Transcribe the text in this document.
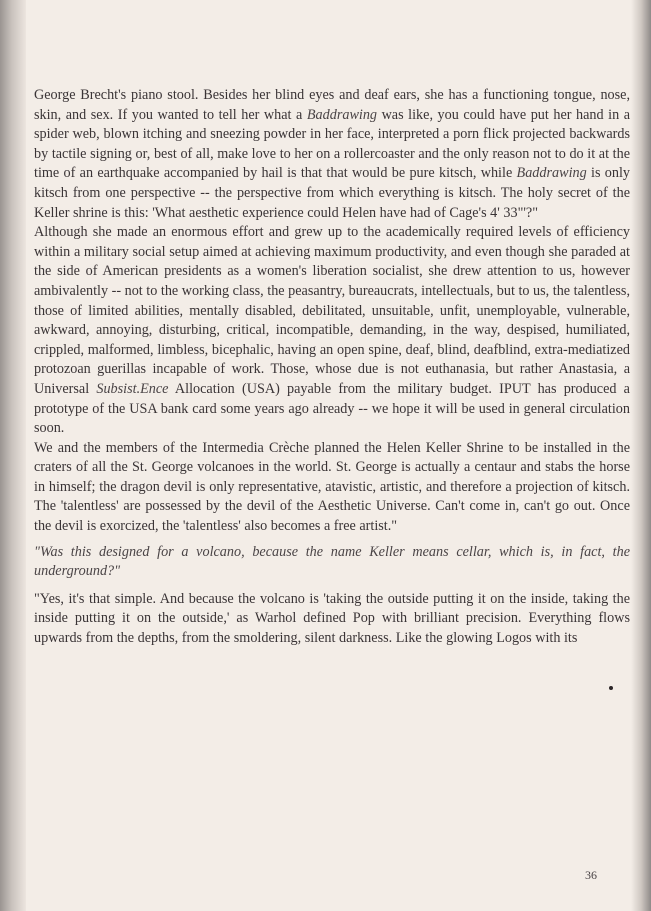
George Brecht's piano stool. Besides her blind eyes and deaf ears, she has a functioning tongue, nose, skin, and sex. If you wanted to tell her what a Baddrawing was like, you could have put her hand in a spider web, blown itching and sneezing powder in her face, interpreted a porn flick projected backwards by tactile signing or, best of all, make love to her on a rollercoaster and the only reason not to do it at the time of an earthquake accompanied by hail is that that would be pure kitsch, while Baddrawing is only kitsch from one perspective -- the perspective from which everything is kitsch. The holy secret of the Keller shrine is this: 'What aesthetic experience could Helen have had of Cage's 4' 33"'?"

Although she made an enormous effort and grew up to the academically required levels of efficiency within a military social setup aimed at achieving maximum productivity, and even though she paraded at the side of American presidents as a women's liberation socialist, she drew attention to us, however ambivalently -- not to the working class, the peasantry, bureaucrats, intellectuals, but to us, the talentless, those of limited abilities, mentally disabled, debilitated, unsuitable, unfit, unemployable, vulnerable, awkward, annoying, disturbing, critical, incompatible, demanding, in the way, despised, humiliated, crippled, malformed, limbless, bicephalic, having an open spine, deaf, blind, deafblind, extra-mediatized protozoan guerillas incapable of work. Those, whose due is not euthanasia, but rather Anastasia, a Universal Subsist.Ence Allocation (USA) payable from the military budget. IPUT has produced a prototype of the USA bank card some years ago already -- we hope it will be used in general circulation soon.

We and the members of the Intermedia Crèche planned the Helen Keller Shrine to be installed in the craters of all the St. George volcanoes in the world. St. George is actually a centaur and stabs the horse in himself; the dragon devil is only representative, atavistic, artistic, and therefore a projection of kitsch. The 'talentless' are possessed by the devil of the Aesthetic Universe. Can't come in, can't go out. Once the devil is exorcized, the 'talentless' also becomes a free artist."

"Was this designed for a volcano, because the name Keller means cellar, which is, in fact, the underground?"

"Yes, it's that simple. And because the volcano is 'taking the outside putting it on the inside, taking the inside putting it on the outside,' as Warhol defined Pop with brilliant precision. Everything flows upwards from the depths, from the smoldering, silent darkness. Like the glowing Logos with its

36
